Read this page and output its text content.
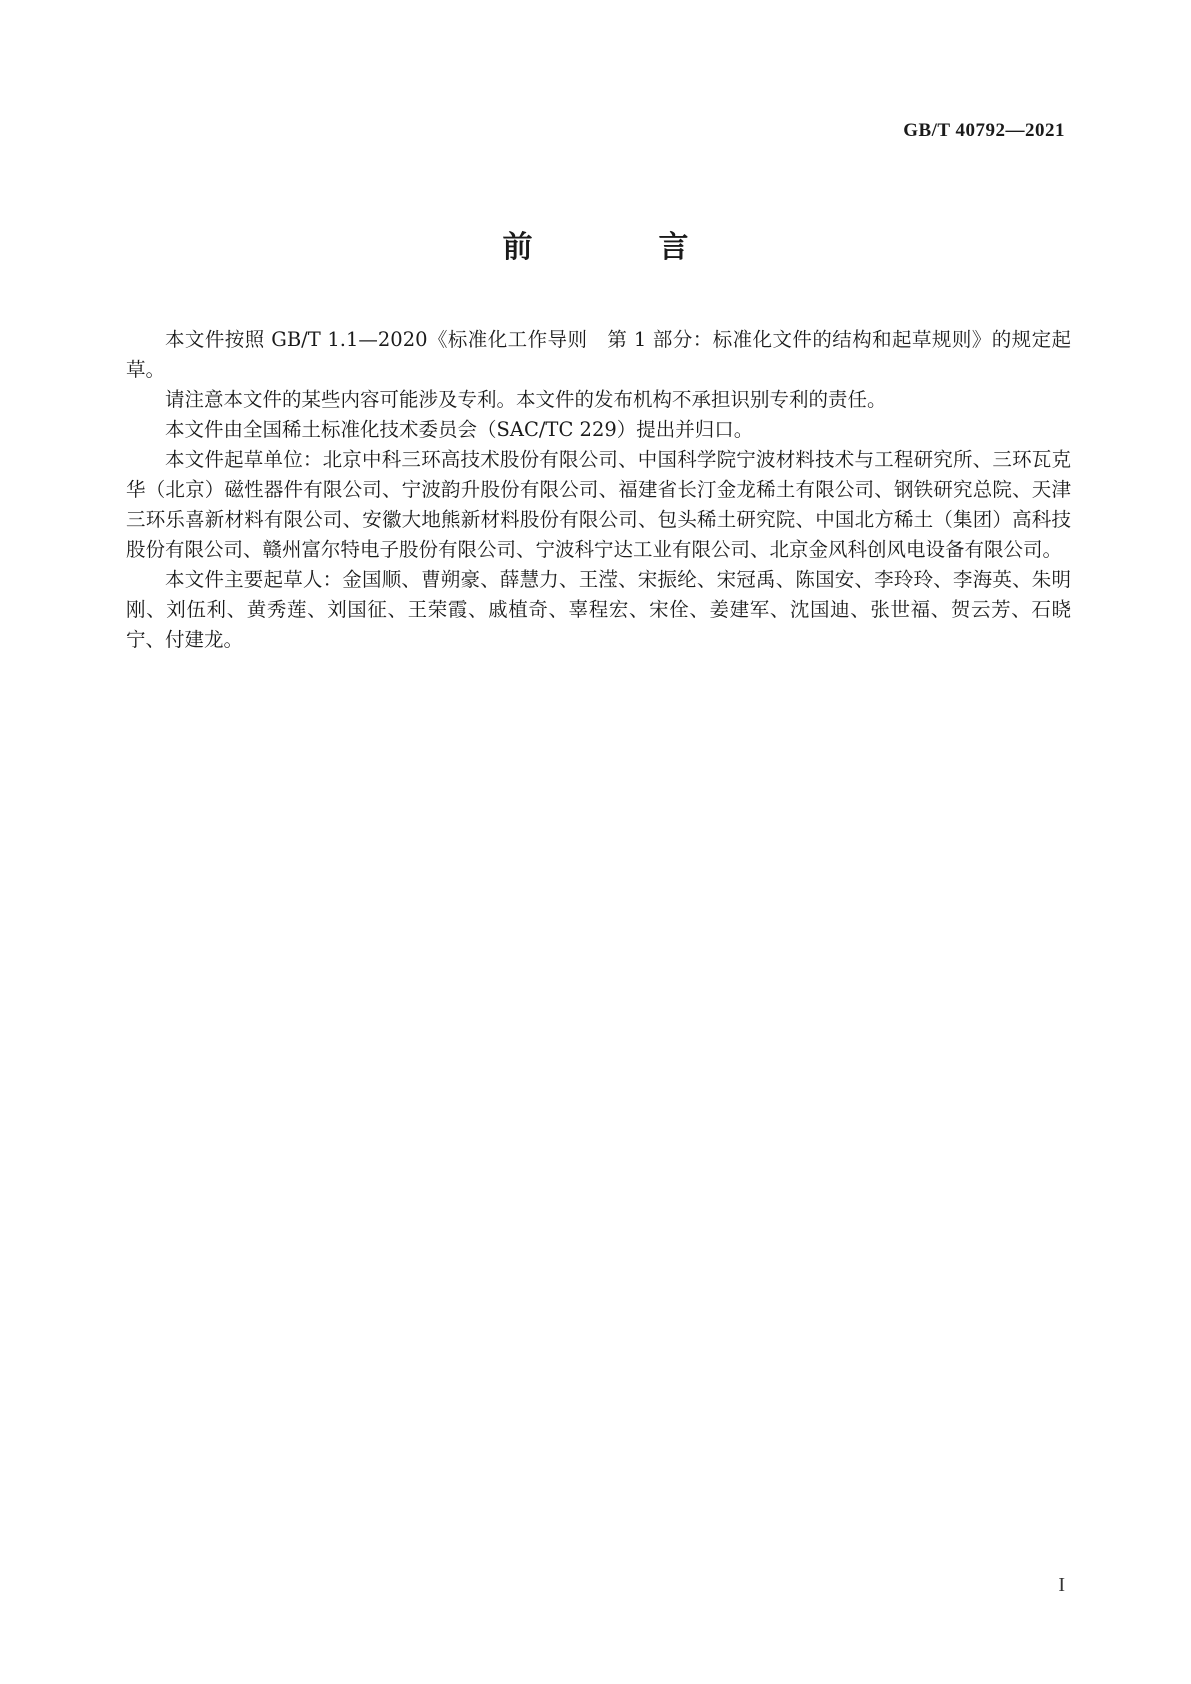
GB/T 40792—2021
前　言

本文件按照 GB/T 1.1—2020《标准化工作导则　第 1 部分：标准化文件的结构和起草规则》的规定起草。

请注意本文件的某些内容可能涉及专利。本文件的发布机构不承担识别专利的责任。

本文件由全国稀土标准化技术委员会（SAC/TC 229）提出并归口。

本文件起草单位：北京中科三环高技术股份有限公司、中国科学院宁波材料技术与工程研究所、三环瓦克华（北京）磁性器件有限公司、宁波韵升股份有限公司、福建省长汀金龙稀土有限公司、钢铁研究总院、天津三环乐喜新材料有限公司、安徽大地熊新材料股份有限公司、包头稀土研究院、中国北方稀土（集团）高科技股份有限公司、赣州富尔特电子股份有限公司、宁波科宁达工业有限公司、北京金风科创风电设备有限公司。

本文件主要起草人：金国顺、曹朔豪、薛慧力、王滢、宋振纶、宋冠禹、陈国安、李玲玲、李海英、朱明刚、刘伍利、黄秀莲、刘国征、王荣霞、戚植奇、辜程宏、宋佺、姜建军、沈国迪、张世福、贺云芳、石晓宁、付建龙。

I
